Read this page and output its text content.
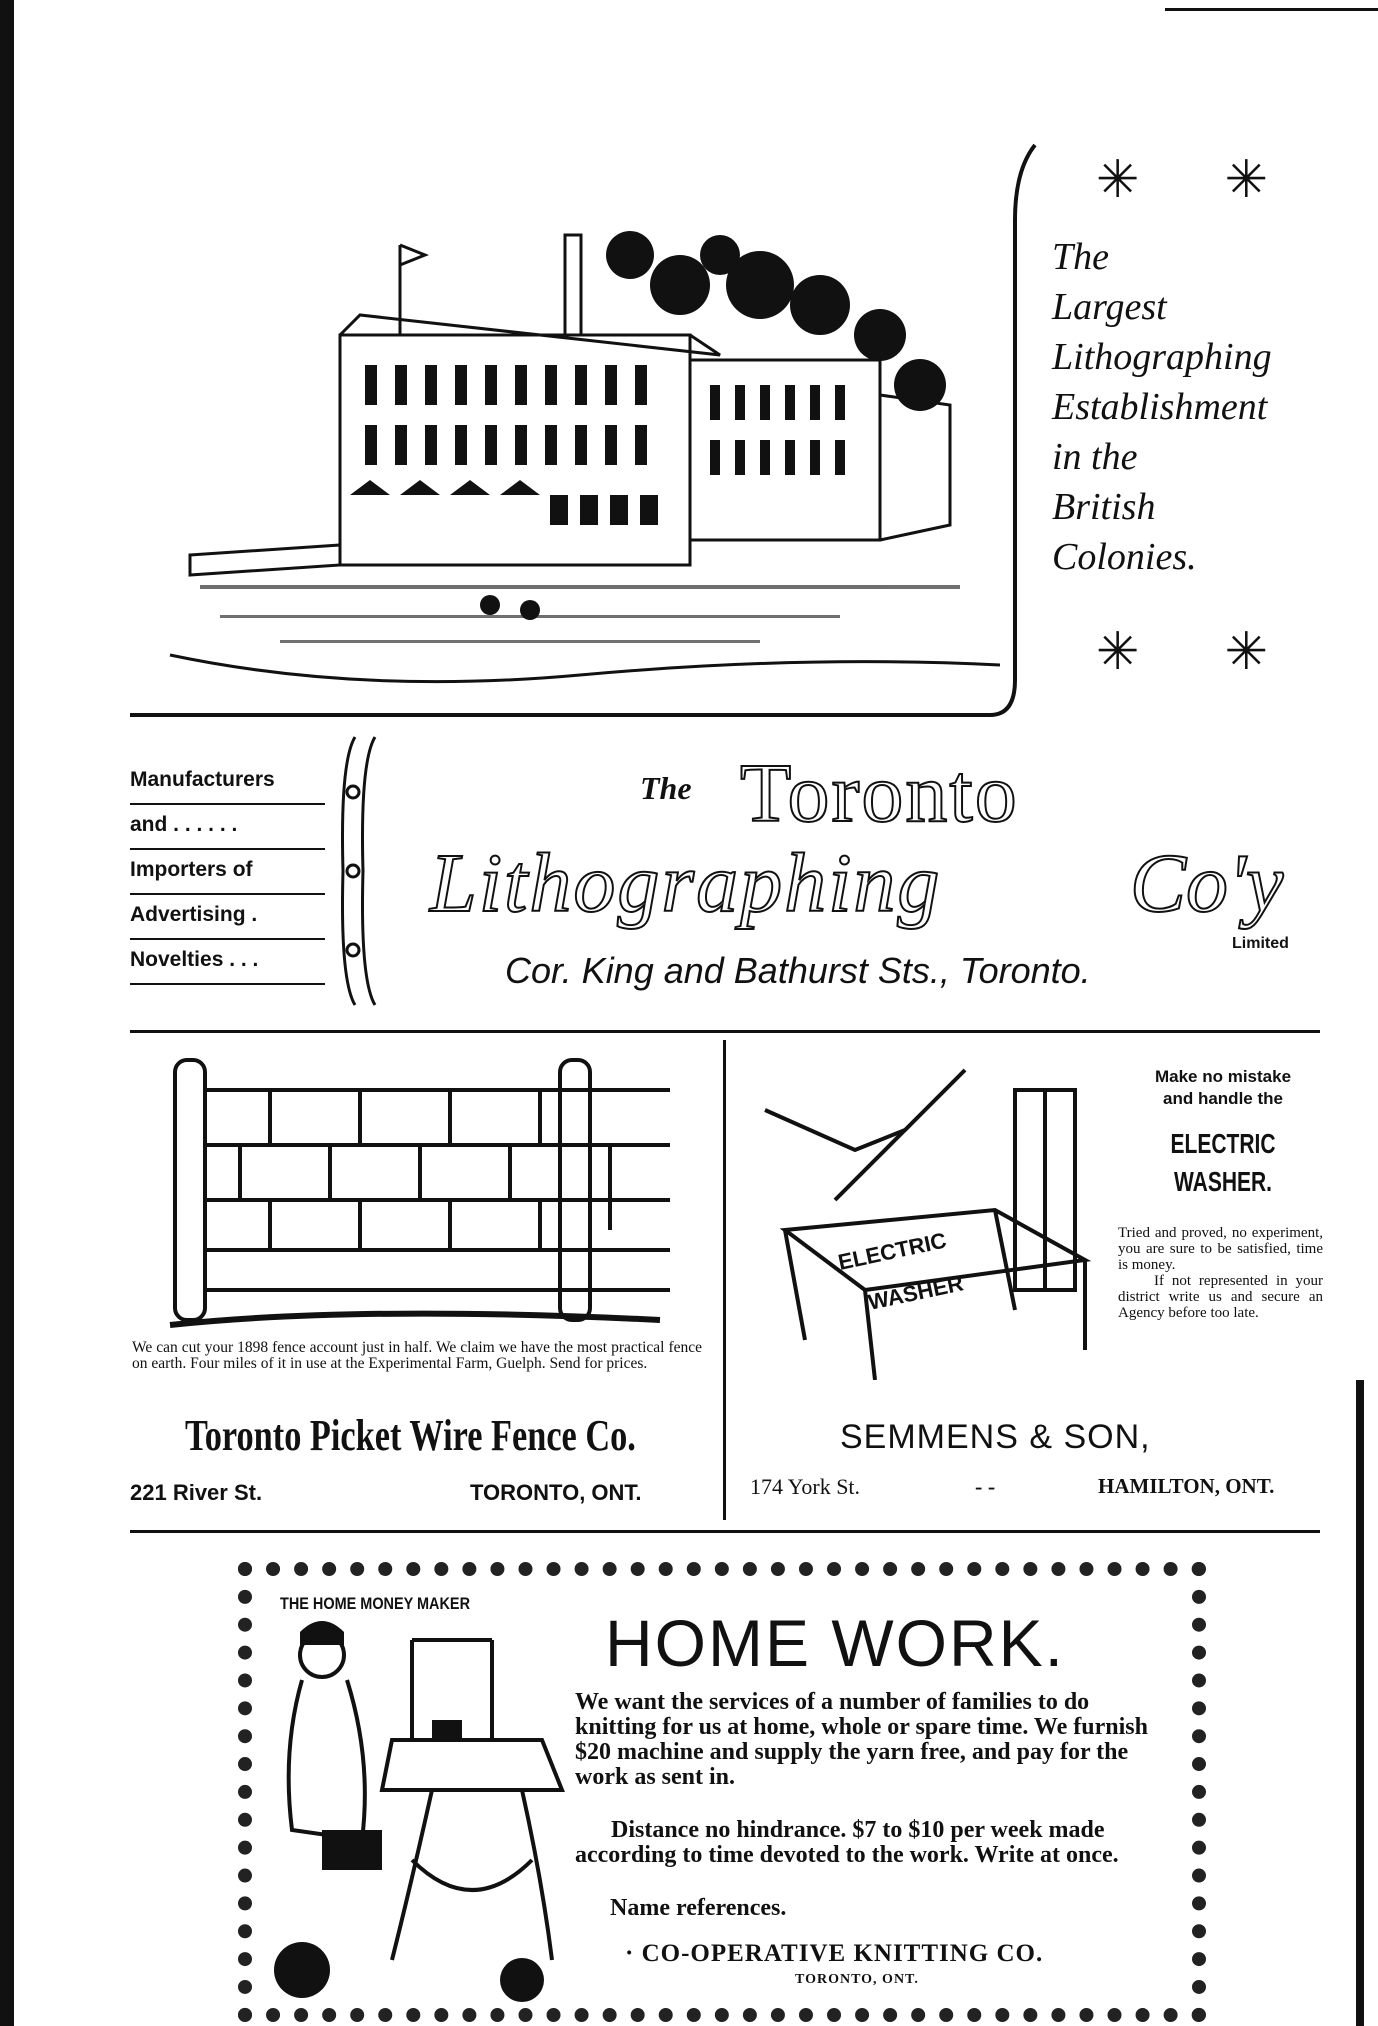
✳ ✳
The
Largest
Lithographing
Establishment
in the
British
Colonies.
✳ ✳
Manufacturers
and . . . . . .
Importers of
Advertising .
Novelties . . .
The Toronto
Lithographing Co'y
Limited
Cor. King and Bathurst Sts., Toronto.
We can cut your 1898 fence account just in half. We claim we have the most practical fence on earth. Four miles of it in use at the Experimental Farm, Guelph. Send for prices.
Toronto Picket Wire Fence Co.
221 River St.	TORONTO, ONT.
ELECTRIC
WASHER
Make no mistake
and handle the
ELECTRIC
WASHER.
Tried and proved, no experiment, you are sure to be satisfied, time is money.
If not represented in your district write us and secure an Agency before too late.
SEMMENS & SON,
174 York St.	- -	HAMILTON, ONT.
THE HOME MONEY MAKER
HOME WORK.
We want the services of a number of families to do knitting for us at home, whole or spare time. We furnish $20 machine and supply the yarn free, and pay for the work as sent in.
Distance no hindrance. $7 to $10 per week made according to time devoted to the work. Write at once.
Name references.
· CO-OPERATIVE KNITTING CO.
TORONTO, ONT.
